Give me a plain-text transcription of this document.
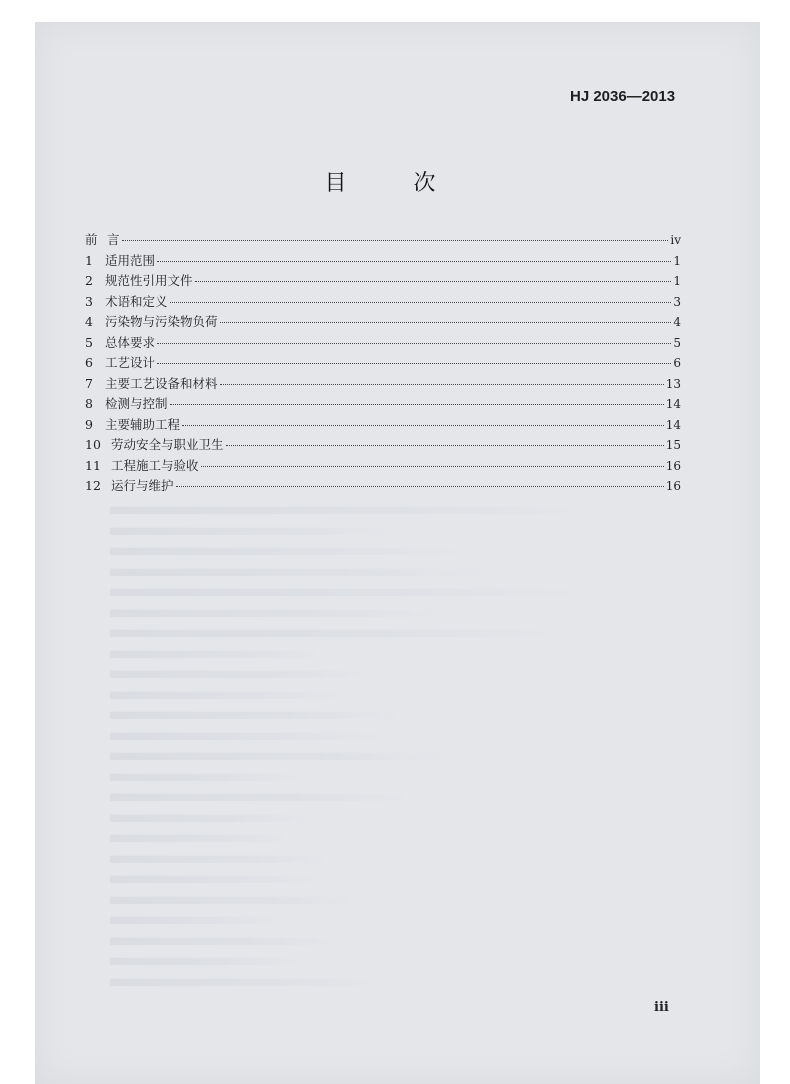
HJ 2036—2013
目 次
前 言	iv
1 适用范围	1
2 规范性引用文件	1
3 术语和定义	3
4 污染物与污染物负荷	4
5 总体要求	5
6 工艺设计	6
7 主要工艺设备和材料	13
8 检测与控制	14
9 主要辅助工程	14
10 劳动安全与职业卫生	15
11 工程施工与验收	16
12 运行与维护	16
iii
